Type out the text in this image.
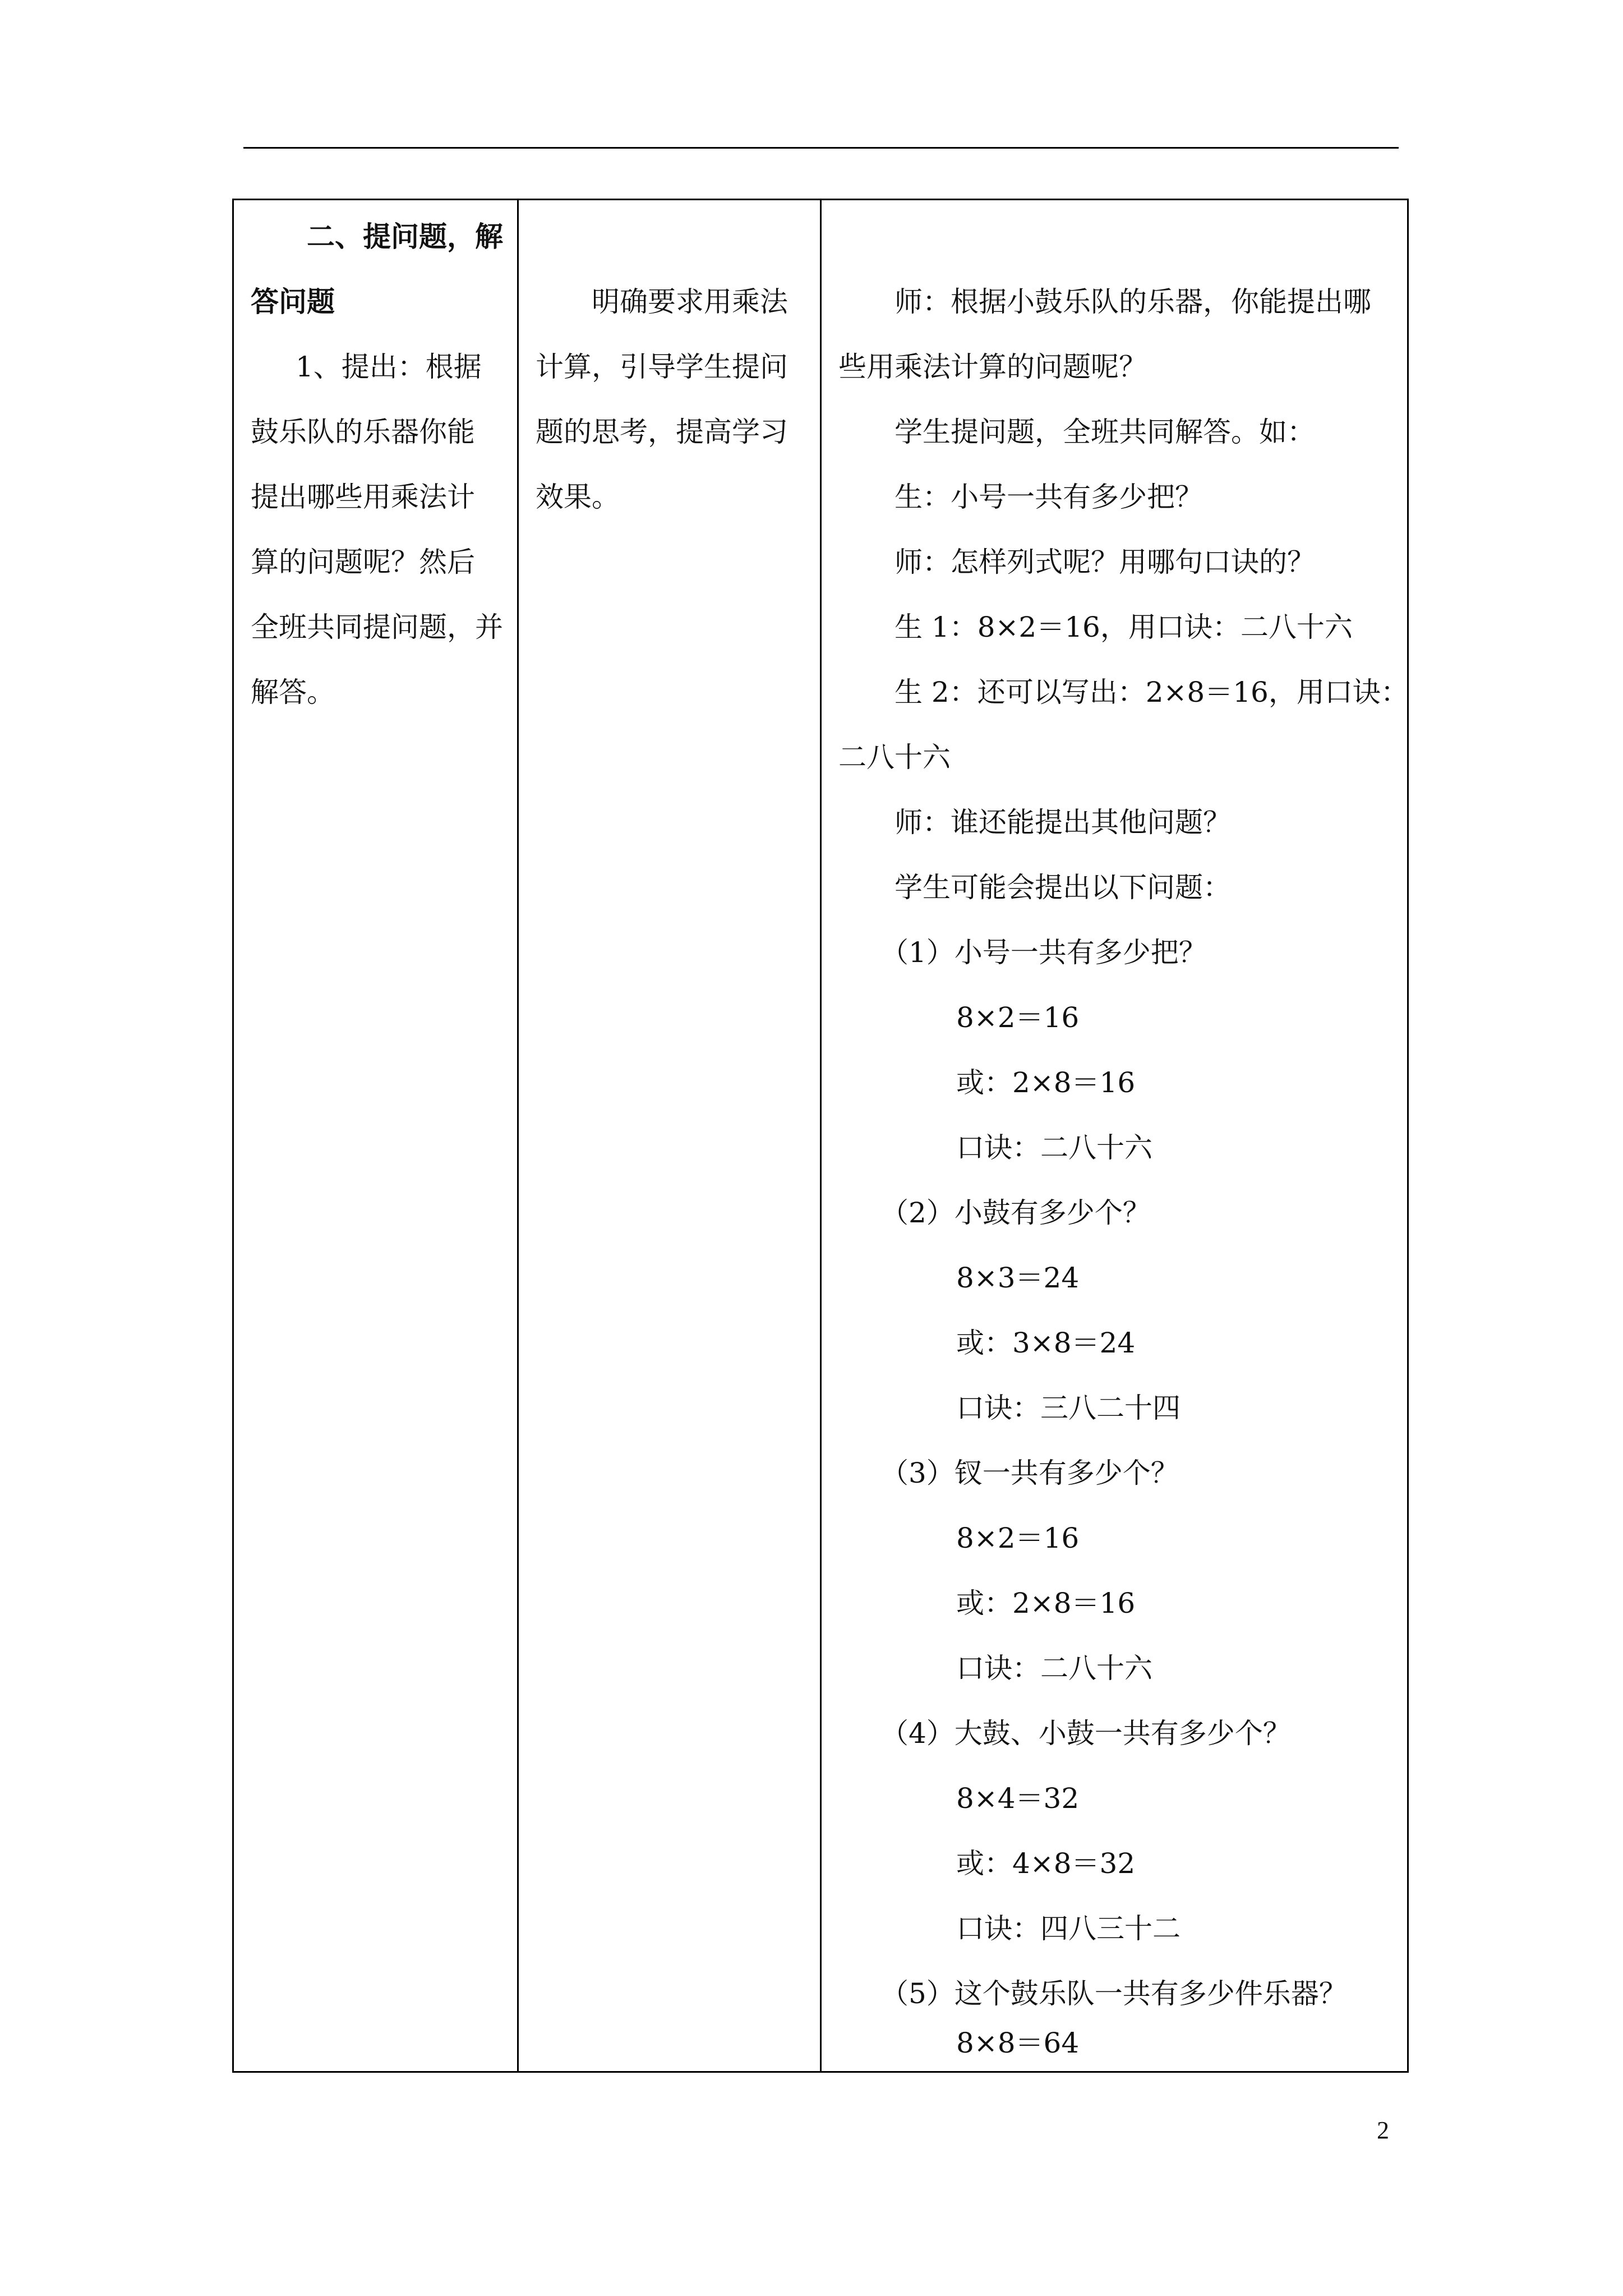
二、提问题，解
答问题
1、提出：根据
鼓乐队的乐器你能
提出哪些用乘法计
算的问题呢？然后
全班共同提问题，并
解答。
明确要求用乘法
计算，引导学生提问
题的思考，提高学习
效果。
师：根据小鼓乐队的乐器，你能提出哪
些用乘法计算的问题呢？
学生提问题，全班共同解答。如：
生：小号一共有多少把？
师：怎样列式呢？用哪句口诀的？
生 1：8×2＝16，用口诀：二八十六
生 2：还可以写出：2×8＝16，用口诀：
二八十六
师：谁还能提出其他问题？
学生可能会提出以下问题：
（1）小号一共有多少把？
8×2＝16
或：2×8＝16
口诀：二八十六
（2）小鼓有多少个？
8×3＝24
或：3×8＝24
口诀：三八二十四
（3）钗一共有多少个？
8×2＝16
或：2×8＝16
口诀：二八十六
（4）大鼓、小鼓一共有多少个？
8×4＝32
或：4×8＝32
口诀：四八三十二
（5）这个鼓乐队一共有多少件乐器？
8×8＝64
2
